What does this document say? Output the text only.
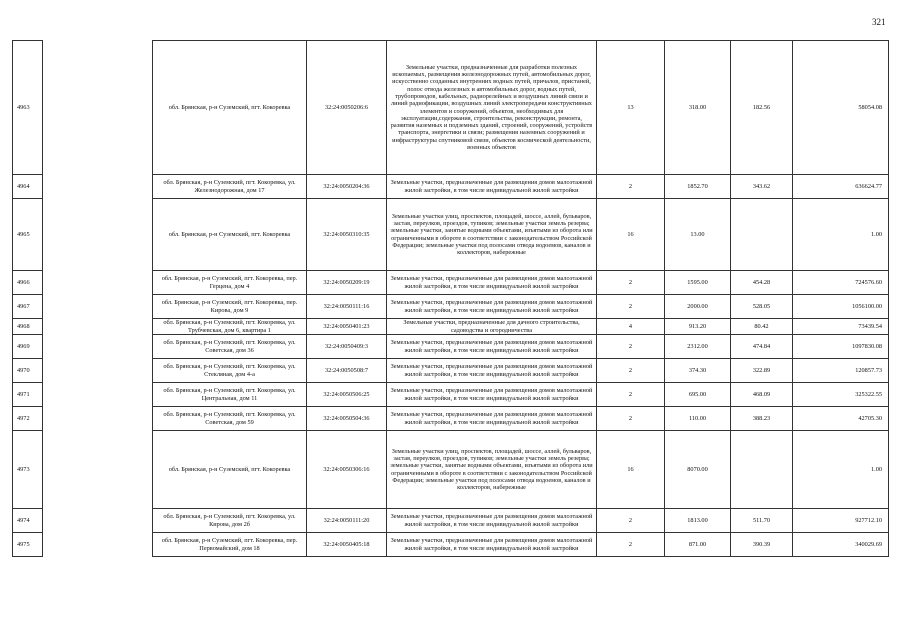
321
4963		обл. Брянская, р-н Суземский, пгт. Кокоревка	32:24:0050206:6	Земельные участки, предназначенные для разработки полезных ископаемых, размещения железнодорожных путей, автомобильных дорог, искусственно созданных внутренних водных путей, причалов, пристаней, полос отвода железных и автомобильных дорог, водных путей, трубопроводов, кабельных, радиорелейных и воздушных линий связи и линий радиофикации, воздушных линий электропередачи конструктивных элементов и сооружений, объектов, необходимых для эксплуатации,содержания, строительства, реконструкции, ремонта, развития наземных и подземных зданий, строений, сооружений, устройств транспорта, энергетики и связи; размещения наземных сооружений и инфраструктуры спутниковой связи, объектов космической деятельности, военных объектов	13	318.00	182.56	58054.08
4964		обл. Брянская, р-н Суземский, пгт. Кокоревка, ул. Железнодорожная, дом 17	32:24:0050204:36	Земельные участки, предназначенные для размещения домов малоэтажной жилой застройки, в том числе индивидуальной жилой застройки	2	1852.70	343.62	636624.77
4965		обл. Брянская, р-н Суземский, пгт. Кокоревка	32:24:0050310:35	Земельные участки улиц, проспектов, площадей, шоссе, аллей, бульваров, застав, переулков, проездов, тупиков; земельные участки земель резерва; земельные участки, занятые водными объектами, изъятыми из оборота или ограниченными в обороте в соответствии с законодательством Российской Федерации; земельные участки под полосами отвода водоемов, каналов и коллекторов, набережные	16	13.00		1.00
4966		обл. Брянская, р-н Суземский, пгт. Кокоревка, пер. Герцена, дом 4	32:24:0050209:19	Земельные участки, предназначенные для размещения домов малоэтажной жилой застройки, в том числе индивидуальной жилой застройки	2	1595.00	454.28	724576.60
4967		обл. Брянская, р-н Суземский, пгт. Кокоревка, пер. Кирова, дом 9	32:24:0050111:16	Земельные участки, предназначенные для размещения домов малоэтажной жилой застройки, в том числе индивидуальной жилой застройки	2	2000.00	528.05	1056100.00
4968		обл. Брянская, р-н Суземский, пгт. Кокоревка, ул. Трубчевская, дом 6, квартира 1	32:24:0050401:23	Земельные участки, предназначенные для дачного строительства, садоводства и огородничества	4	913.20	80.42	73439.54
4969		обл. Брянская, р-н Суземский, пгт. Кокоревка, ул. Советская, дом 36	32:24:0050409:3	Земельные участки, предназначенные для размещения домов малоэтажной жилой застройки, в том числе индивидуальной жилой застройки	2	2312.00	474.84	1097830.08
4970		обл. Брянская, р-н Суземский, пгт. Кокоревка, ул. Стекляная, дом 4-а	32:24:0050508:7	Земельные участки, предназначенные для размещения домов малоэтажной жилой застройки, в том числе индивидуальной жилой застройки	2	374.30	322.89	120857.73
4971		обл. Брянская, р-н Суземский, пгт. Кокоревка, ул. Центральная, дом 11	32:24:0050506:25	Земельные участки, предназначенные для размещения домов малоэтажной жилой застройки, в том числе индивидуальной жилой застройки	2	695.00	468.09	325322.55
4972		обл. Брянская, р-н Суземский, пгт. Кокоревка, ул. Советская, дом 59	32:24:0050504:36	Земельные участки, предназначенные для размещения домов малоэтажной жилой застройки, в том числе индивидуальной жилой застройки	2	110.00	388.23	42705.30
4973		обл. Брянская, р-н Суземский, пгт. Кокоревка	32:24:0050306:16	Земельные участки улиц, проспектов, площадей, шоссе, аллей, бульваров, застав, переулков, проездов, тупиков; земельные участки земель резерва; земельные участки, занятые водными объектами, изъятыми из оборота или ограниченными в обороте в соответствии с законодательством Российской Федерации; земельные участки под полосами отвода водоемов, каналов и коллекторов, набережные	16	8070.00		1.00
4974		обл. Брянская, р-н Суземский, пгт. Кокоревка, ул. Кирова, дом 2б	32:24:0050111:20	Земельные участки, предназначенные для размещения домов малоэтажной жилой застройки, в том числе индивидуальной жилой застройки	2	1813.00	511.70	927712.10
4975		обл. Брянская, р-н Суземский, пгт. Кокоревка, пер. Первомайский, дом 18	32:24:0050405:18	Земельные участки, предназначенные для размещения домов малоэтажной жилой застройки, в том числе индивидуальной жилой застройки	2	871.00	390.39	340029.69
